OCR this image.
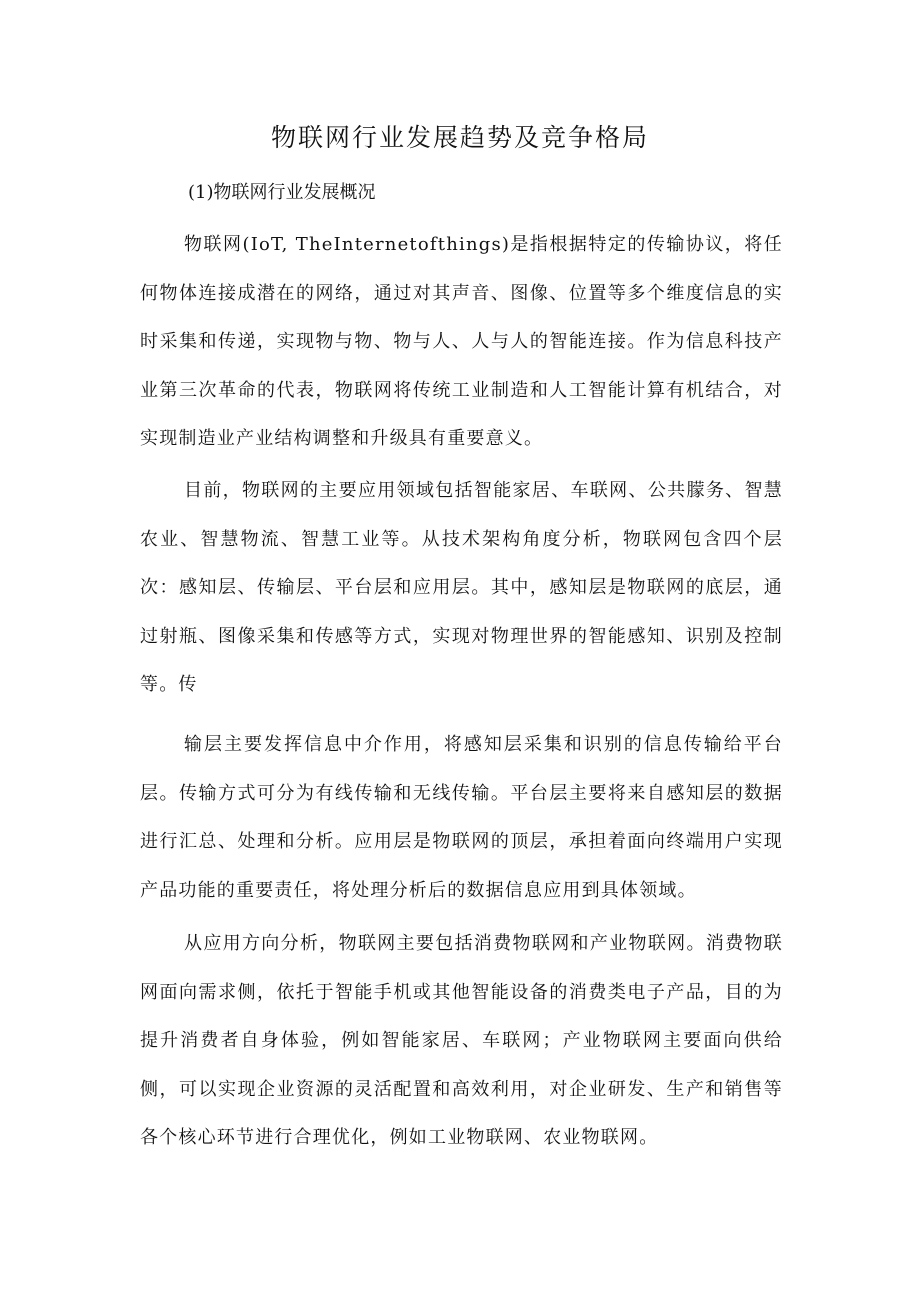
物联网行业发展趋势及竞争格局

(1)物联网行业发展概况

物联网(IoT, TheInternetofthings)是指根据特定的传输协议，将任何物体连接成潜在的网络，通过对其声音、图像、位置等多个维度信息的实时采集和传递，实现物与物、物与人、人与人的智能连接。作为信息科技产业第三次革命的代表，物联网将传统工业制造和人工智能计算有机结合，对实现制造业产业结构调整和升级具有重要意义。

目前，物联网的主要应用领域包括智能家居、车联网、公共朦务、智慧农业、智慧物流、智慧工业等。从技术架构角度分析，物联网包含四个层次：感知层、传输层、平台层和应用层。其中，感知层是物联网的底层，通过射瓶、图像采集和传感等方式，实现对物理世界的智能感知、识别及控制等。传

输层主要发挥信息中介作用，将感知层采集和识别的信息传输给平台层。传输方式可分为有线传输和无线传输。平台层主要将来自感知层的数据进行汇总、处理和分析。应用层是物联网的顶层，承担着面向终端用户实现产品功能的重要责任，将处理分析后的数据信息应用到具体领域。

从应用方向分析，物联网主要包括消费物联网和产业物联网。消费物联网面向需求侧，依托于智能手机或其他智能设备的消费类电子产品，目的为提升消费者自身体验，例如智能家居、车联网；产业物联网主要面向供给侧，可以实现企业资源的灵活配置和高效利用，对企业研发、生产和销售等各个核心环节进行合理优化，例如工业物联网、农业物联网。
